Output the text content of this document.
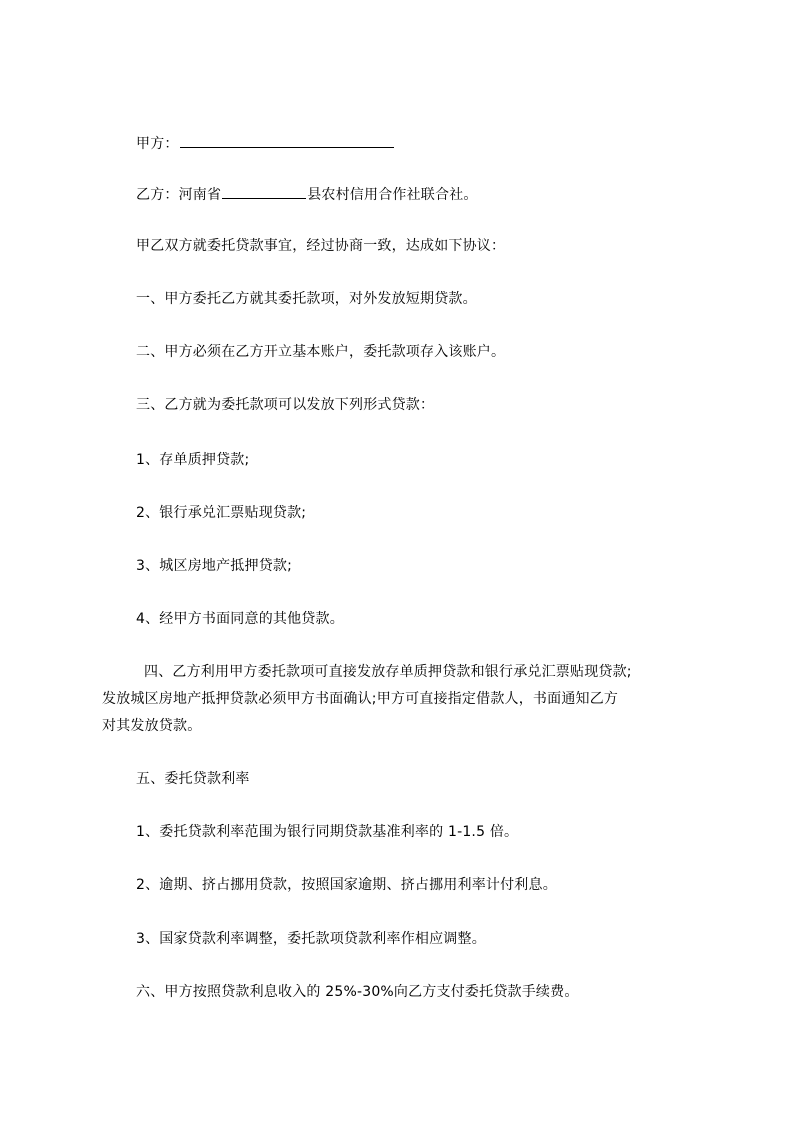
甲方：
乙方：河南省	县农村信用合作社联合社。
甲乙双方就委托贷款事宜，经过协商一致，达成如下协议：
一、甲方委托乙方就其委托款项，对外发放短期贷款。
二、甲方必须在乙方开立基本账户，委托款项存入该账户。
三、乙方就为委托款项可以发放下列形式贷款：
1、存单质押贷款;
2、银行承兑汇票贴现贷款;
3、城区房地产抵押贷款;
4、经甲方书面同意的其他贷款。
四、乙方利用甲方委托款项可直接发放存单质押贷款和银行承兑汇票贴现贷款;
发放城区房地产抵押贷款必须甲方书面确认;甲方可直接指定借款人，书面通知乙方
对其发放贷款。
五、委托贷款利率
1、委托贷款利率范围为银行同期贷款基准利率的 1-1.5 倍。
2、逾期、挤占挪用贷款，按照国家逾期、挤占挪用利率计付利息。
3、国家贷款利率调整，委托款项贷款利率作相应调整。
六、甲方按照贷款利息收入的 25%-30%向乙方支付委托贷款手续费。
